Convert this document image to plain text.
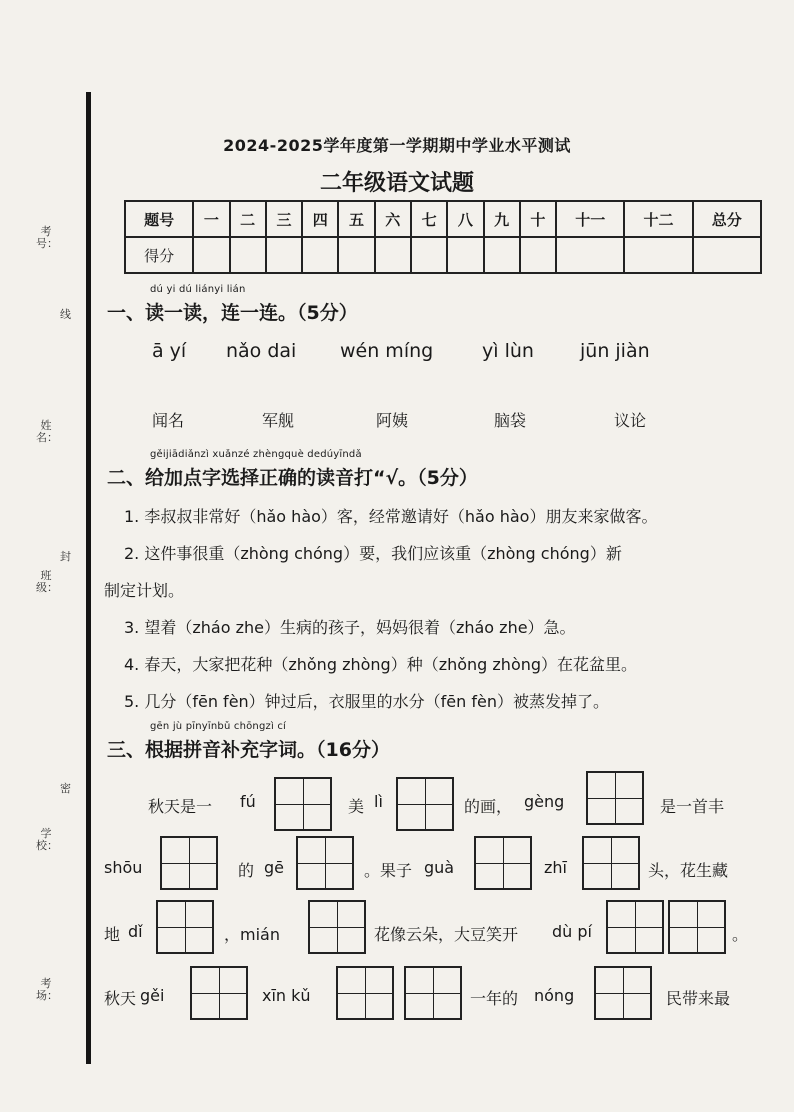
考号：
线
姓名：
封
班级：
密
学校：
考场：
2024-2025学年度第一学期期中学业水平测试
二年级语文试题
题号	一	二	三	四	五	六	七	八	九	十	十一	十二	总分
得分													
dú yi dú liányi lián
一、读一读，连一连。（5分）
ā yí nǎo dai wén míng	yì lùn jūn jiàn
闻名	军舰	阿姨	脑袋	议论
gěijiādiǎnzì xuǎnzé zhèngquè dedúyīndǎ
二、给加点字选择正确的读音打“√。（5分）
1. 李叔叔非常好（hǎo hào）客，经常邀请好（hǎo hào）朋友来家做客。
2. 这件事很重（zhòng chóng）要，我们应该重（zhòng chóng）新
制定计划。
3. 望着（zháo zhe）生病的孩子，妈妈很着（zháo zhe）急。
4. 春天，大家把花种（zhǒng zhòng）种（zhǒng zhòng）在花盆里。
5. 几分（fēn fèn）钟过后，衣服里的水分（fēn fèn）被蒸发掉了。
gēn jù pīnyīnbǔ chōngzì cí
三、根据拼音补充字词。（16分）
秋天是一 fú	美 lì	的画， gèng	是一首丰
shōu	的 gē	。果子 guà	zhī	头，花生藏
地 dǐ	，mián	花像云朵，大豆笑开 dù pí	。
秋天 gěi	xīn kǔ	一年的 nóng	民带来最
